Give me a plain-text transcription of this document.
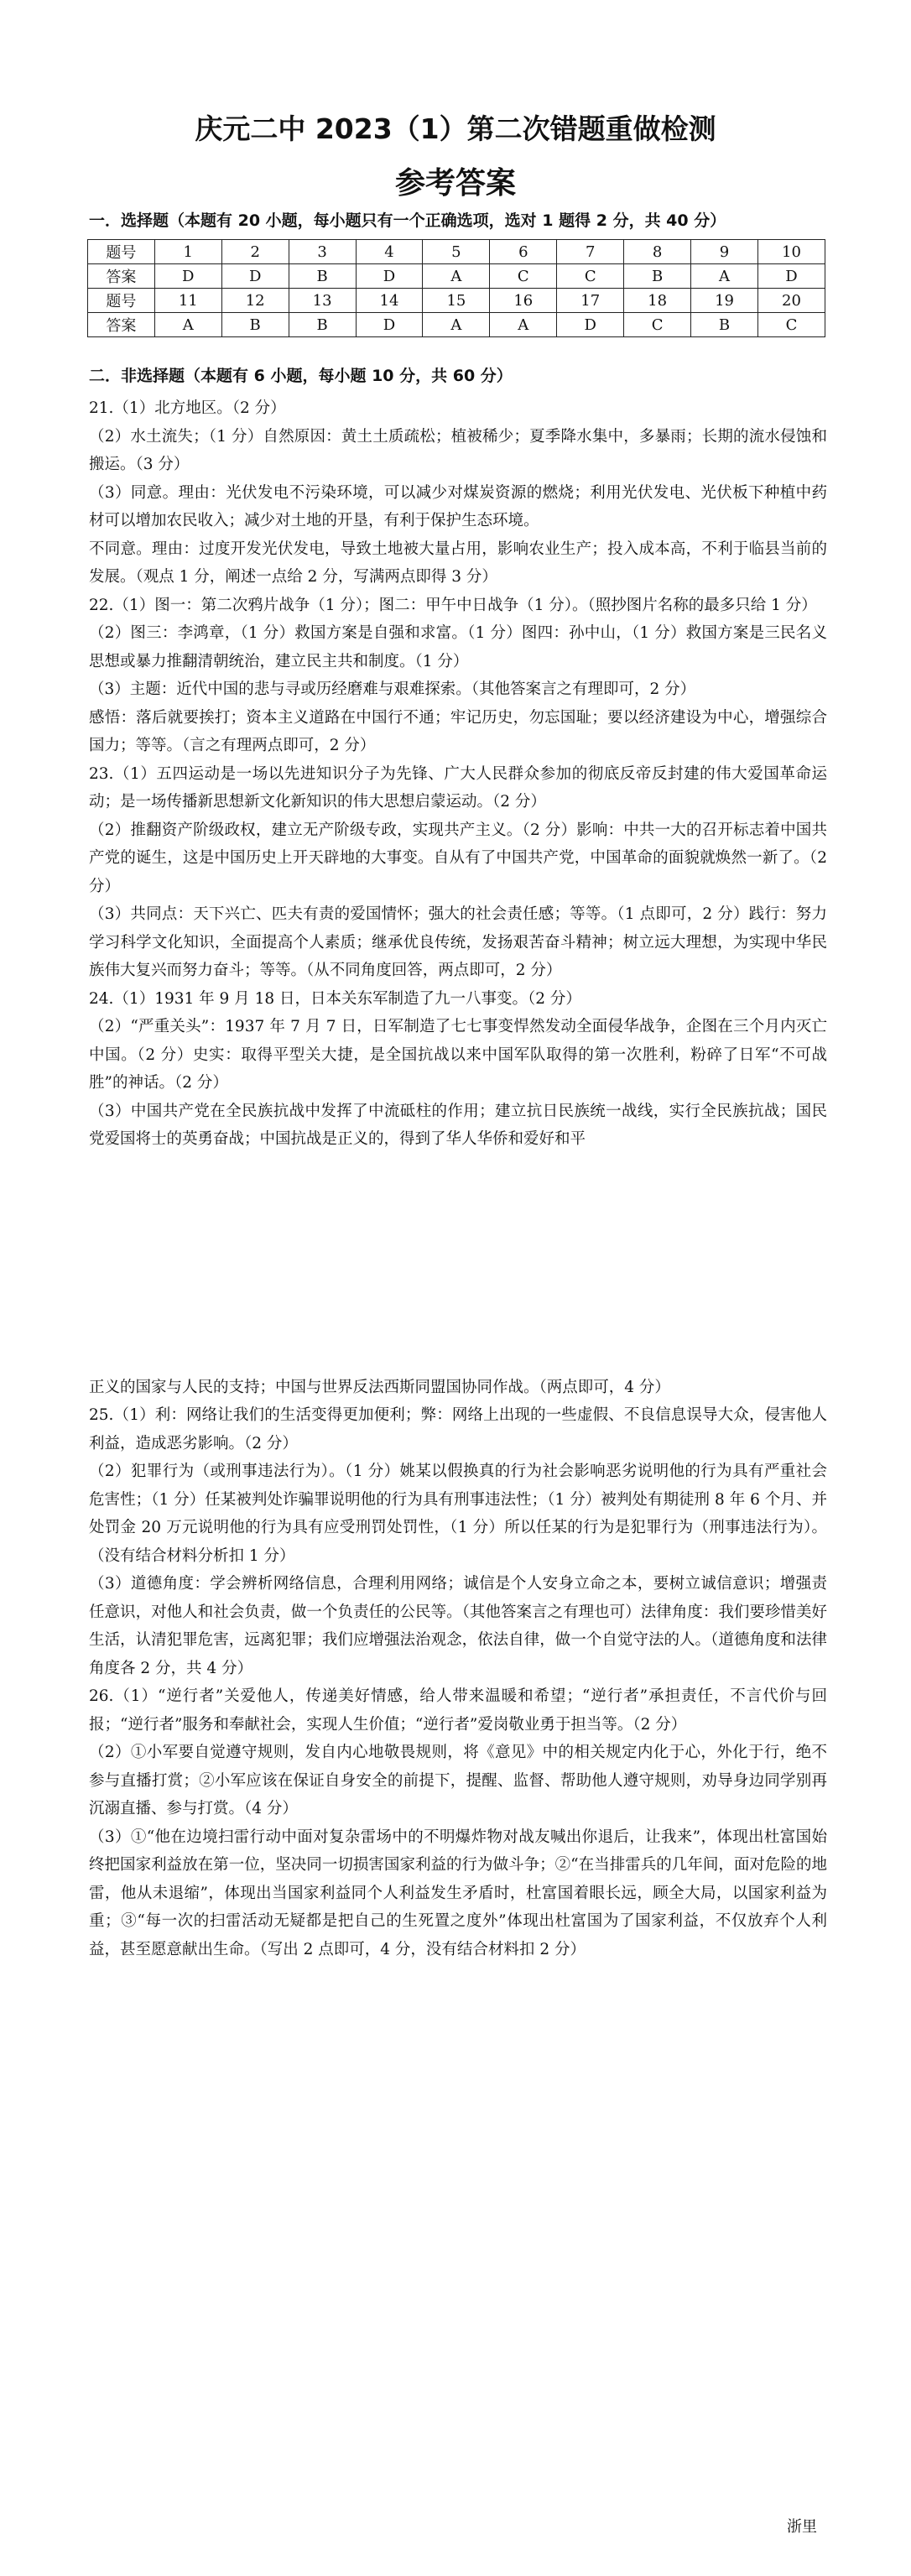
庆元二中 2023（1）第二次错题重做检测
参考答案
一．选择题（本题有 20 小题，每小题只有一个正确选项，选对 1 题得 2 分，共 40 分）
题号	1	2	3	4	5	6	7	8	9	10
答案	D	D	B	D	A	C	C	B	A	D
题号	11	12	13	14	15	16	17	18	19	20
答案	A	B	B	D	A	A	D	C	B	C
二．非选择题（本题有 6 小题，每小题 10 分，共 60 分）

21.（1）北方地区。（2 分）

（2）水土流失；（1 分）自然原因：黄土土质疏松；植被稀少；夏季降水集中，多暴雨；长期的流水侵蚀和搬运。（3 分）

（3）同意。理由：光伏发电不污染环境，可以减少对煤炭资源的燃烧；利用光伏发电、光伏板下种植中药材可以增加农民收入；减少对土地的开垦，有利于保护生态环境。

不同意。理由：过度开发光伏发电，导致土地被大量占用，影响农业生产；投入成本高，不利于临县当前的发展。（观点 1 分，阐述一点给 2 分，写满两点即得 3 分）

22.（1）图一：第二次鸦片战争（1 分）；图二：甲午中日战争（1 分）。（照抄图片名称的最多只给 1 分）

（2）图三：李鸿章，（1 分）救国方案是自强和求富。（1 分）图四：孙中山，（1 分）救国方案是三民名义思想或暴力推翻清朝统治，建立民主共和制度。（1 分）

（3）主题：近代中国的悲与寻或历经磨难与艰难探索。（其他答案言之有理即可，2 分）

感悟：落后就要挨打；资本主义道路在中国行不通；牢记历史，勿忘国耻；要以经济建设为中心，增强综合国力；等等。（言之有理两点即可，2 分）

23.（1）五四运动是一场以先进知识分子为先锋、广大人民群众参加的彻底反帝反封建的伟大爱国革命运动；是一场传播新思想新文化新知识的伟大思想启蒙运动。（2 分）

（2）推翻资产阶级政权，建立无产阶级专政，实现共产主义。（2 分）影响：中共一大的召开标志着中国共产党的诞生，这是中国历史上开天辟地的大事变。自从有了中国共产党，中国革命的面貌就焕然一新了。（2 分）

（3）共同点：天下兴亡、匹夫有责的爱国情怀；强大的社会责任感；等等。（1 点即可，2 分）践行：努力学习科学文化知识，全面提高个人素质；继承优良传统，发扬艰苦奋斗精神；树立远大理想，为实现中华民族伟大复兴而努力奋斗；等等。（从不同角度回答，两点即可，2 分）

24.（1）1931 年 9 月 18 日，日本关东军制造了九一八事变。（2 分）

（2）“严重关头”：1937 年 7 月 7 日，日军制造了七七事变悍然发动全面侵华战争，企图在三个月内灭亡中国。（2 分）史实：取得平型关大捷，是全国抗战以来中国军队取得的第一次胜利，粉碎了日军“不可战胜”的神话。（2 分）

（3）中国共产党在全民族抗战中发挥了中流砥柱的作用；建立抗日民族统一战线，实行全民族抗战；国民党爱国将士的英勇奋战；中国抗战是正义的，得到了华人华侨和爱好和平

正义的国家与人民的支持；中国与世界反法西斯同盟国协同作战。（两点即可，4 分）

25.（1）利：网络让我们的生活变得更加便利；弊：网络上出现的一些虚假、不良信息误导大众，侵害他人利益，造成恶劣影响。（2 分）

（2）犯罪行为（或刑事违法行为）。（1 分）姚某以假换真的行为社会影响恶劣说明他的行为具有严重社会危害性；（1 分）任某被判处诈骗罪说明他的行为具有刑事违法性；（1 分）被判处有期徒刑 8 年 6 个月、并处罚金 20 万元说明他的行为具有应受刑罚处罚性，（1 分）所以任某的行为是犯罪行为（刑事违法行为）。（没有结合材料分析扣 1 分）

（3）道德角度：学会辨析网络信息，合理利用网络；诚信是个人安身立命之本，要树立诚信意识；增强责任意识，对他人和社会负责，做一个负责任的公民等。（其他答案言之有理也可）法律角度：我们要珍惜美好生活，认清犯罪危害，远离犯罪；我们应增强法治观念，依法自律，做一个自觉守法的人。（道德角度和法律角度各 2 分，共 4 分）

26.（1）“逆行者”关爱他人，传递美好情感，给人带来温暖和希望；“逆行者”承担责任，不言代价与回报；“逆行者”服务和奉献社会，实现人生价值；“逆行者”爱岗敬业勇于担当等。（2 分）

（2）①小军要自觉遵守规则，发自内心地敬畏规则，将《意见》中的相关规定内化于心，外化于行，绝不参与直播打赏；②小军应该在保证自身安全的前提下，提醒、监督、帮助他人遵守规则，劝导身边同学别再沉溺直播、参与打赏。（4 分）

（3）①“他在边境扫雷行动中面对复杂雷场中的不明爆炸物对战友喊出你退后，让我来”，体现出杜富国始终把国家利益放在第一位，坚决同一切损害国家利益的行为做斗争；②“在当排雷兵的几年间，面对危险的地雷，他从未退缩”，体现出当国家利益同个人利益发生矛盾时，杜富国着眼长远，顾全大局，以国家利益为重；③“每一次的扫雷活动无疑都是把自己的生死置之度外”体现出杜富国为了国家利益，不仅放弃个人利益，甚至愿意献出生命。（写出 2 点即可，4 分，没有结合材料扣 2 分）

浙里
